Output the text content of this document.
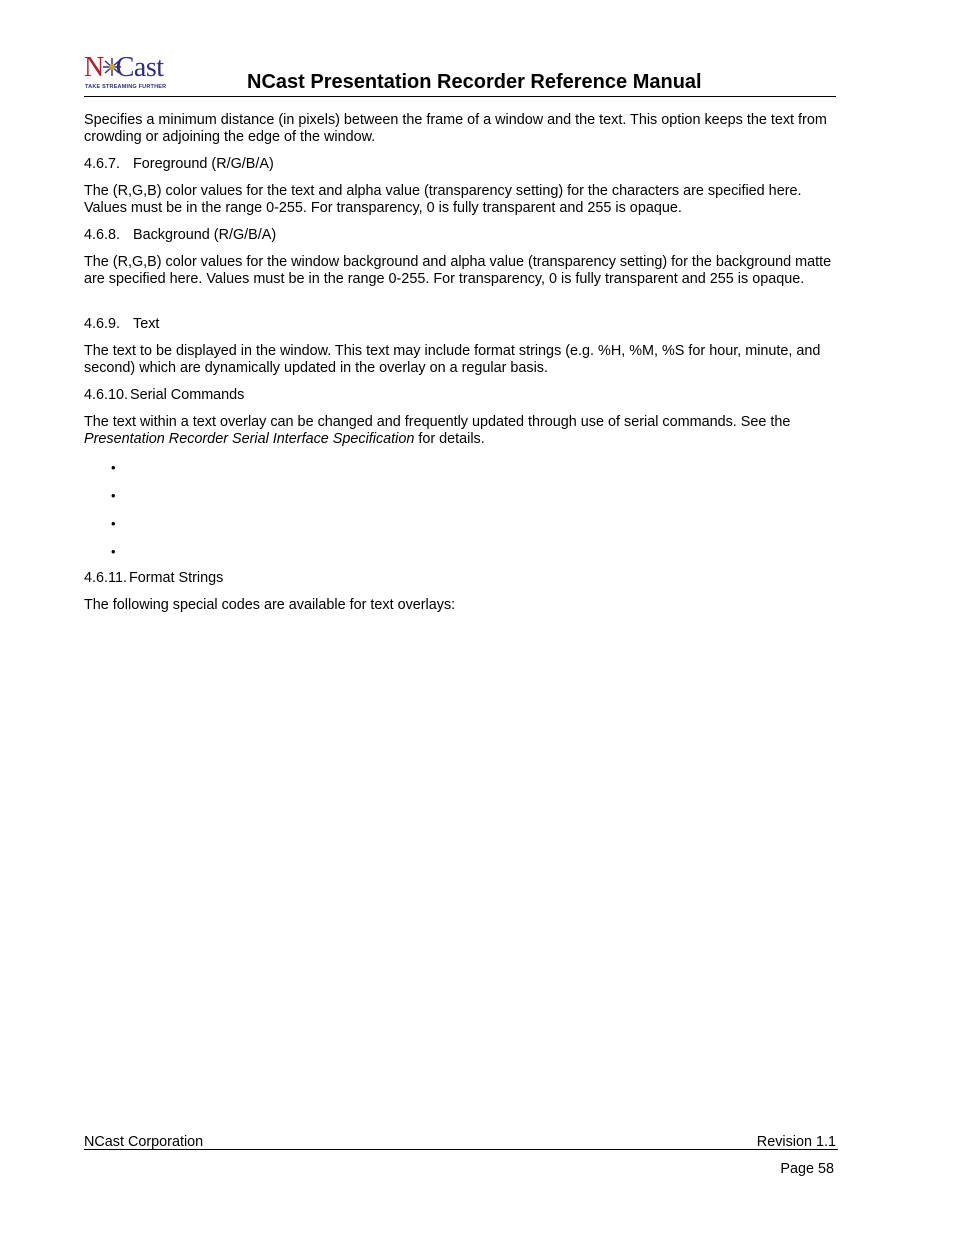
N Cast
TAKE STREAMING FURTHER	NCast Presentation Recorder Reference Manual
Specifies a minimum distance (in pixels) between the frame of a window and the text. This option keeps the text from crowding or adjoining the edge of the window.
4.6.7. Foreground (R/G/B/A)
The (R,G,B) color values for the text and alpha value (transparency setting) for the characters are specified here. Values must be in the range 0-255. For transparency, 0 is fully transparent and 255 is opaque.
4.6.8. Background (R/G/B/A)
The (R,G,B) color values for the window background and alpha value (transparency setting) for the background matte are specified here. Values must be in the range 0-255. For transparency, 0 is fully transparent and 255 is opaque.
4.6.9. Text
The text to be displayed in the window. This text may include format strings (e.g. %H, %M, %S for hour, minute, and second) which are dynamically updated in the overlay on a regular basis.
4.6.10. Serial Commands
The text within a text overlay can be changed and frequently updated through use of serial commands. See the Presentation Recorder Serial Interface Specification for details.
•
•
•
•
4.6.11. Format Strings
The following special codes are available for text overlays:
NCast Corporation	Revision 1.1
Page 58
